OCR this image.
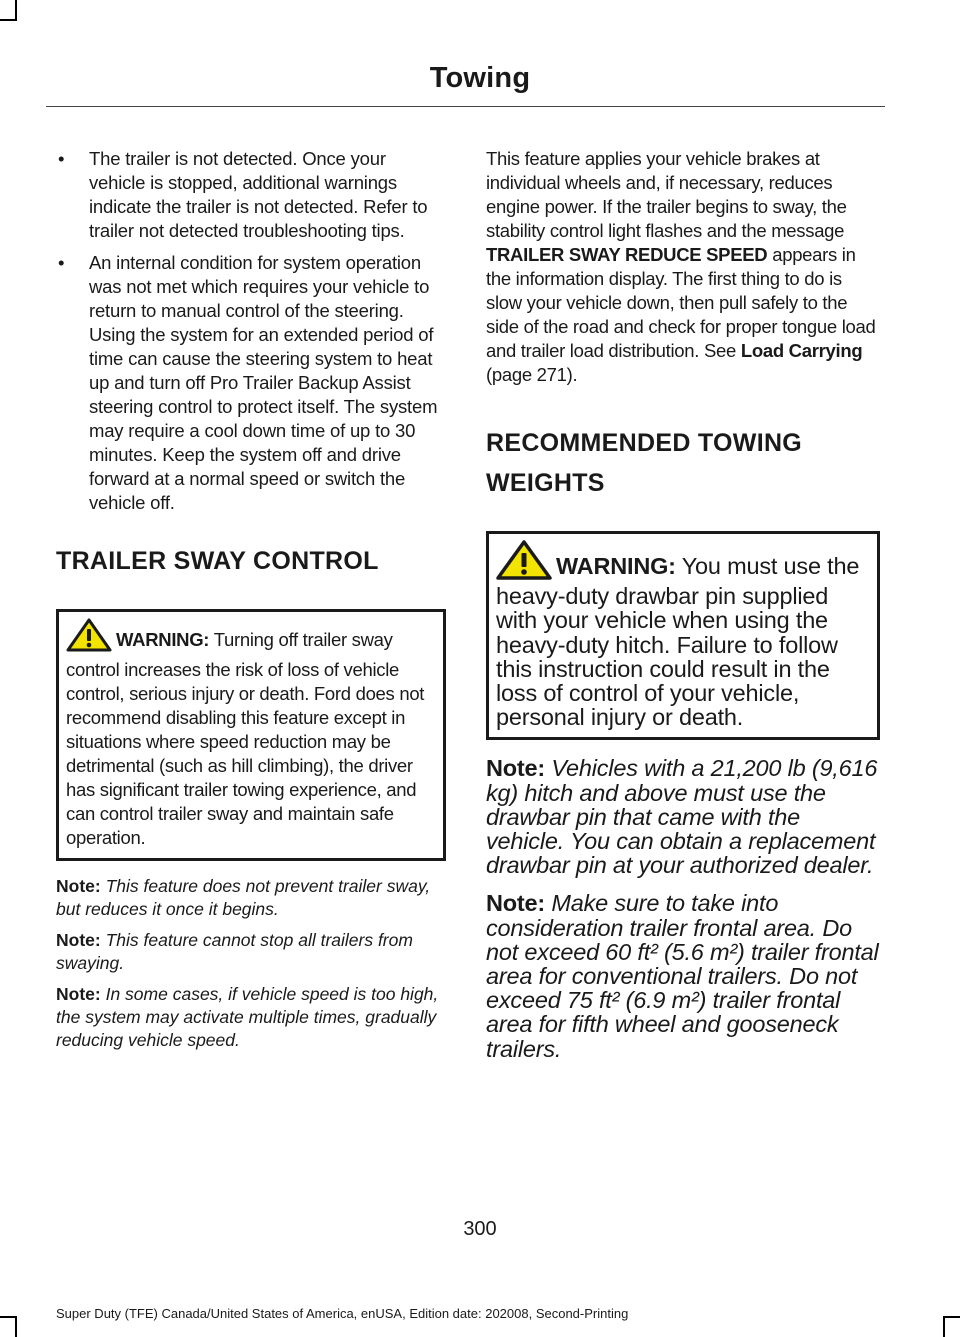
Towing
• The trailer is not detected. Once your vehicle is stopped, additional warnings indicate the trailer is not detected. Refer to trailer not detected troubleshooting tips.
• An internal condition for system operation was not met which requires your vehicle to return to manual control of the steering. Using the system for an extended period of time can cause the steering system to heat up and turn off Pro Trailer Backup Assist steering control to protect itself. The system may require a cool down time of up to 30 minutes. Keep the system off and drive forward at a normal speed or switch the vehicle off.
TRAILER SWAY CONTROL
WARNING: Turning off trailer sway control increases the risk of loss of vehicle control, serious injury or death. Ford does not recommend disabling this feature except in situations where speed reduction may be detrimental (such as hill climbing), the driver has significant trailer towing experience, and can control trailer sway and maintain safe operation.

Note: This feature does not prevent trailer sway, but reduces it once it begins.

Note: This feature cannot stop all trailers from swaying.

Note: In some cases, if vehicle speed is too high, the system may activate multiple times, gradually reducing vehicle speed.

This feature applies your vehicle brakes at individual wheels and, if necessary, reduces engine power. If the trailer begins to sway, the stability control light flashes and the message TRAILER SWAY REDUCE SPEED appears in the information display. The first thing to do is slow your vehicle down, then pull safely to the side of the road and check for proper tongue load and trailer load distribution. See Load Carrying (page 271).

RECOMMENDED TOWING
WEIGHTS
WARNING: You must use the heavy-duty drawbar pin supplied with your vehicle when using the heavy-duty hitch. Failure to follow this instruction could result in the loss of control of your vehicle, personal injury or death.

Note: Vehicles with a 21,200 lb (9,616 kg) hitch and above must use the drawbar pin that came with the vehicle. You can obtain a replacement drawbar pin at your authorized dealer.

Note: Make sure to take into consideration trailer frontal area. Do not exceed 60 ft² (5.6 m²) trailer frontal area for conventional trailers. Do not exceed 75 ft² (6.9 m²) trailer frontal area for fifth wheel and gooseneck trailers.

300
Super Duty (TFE) Canada/United States of America, enUSA, Edition date: 202008, Second-Printing
